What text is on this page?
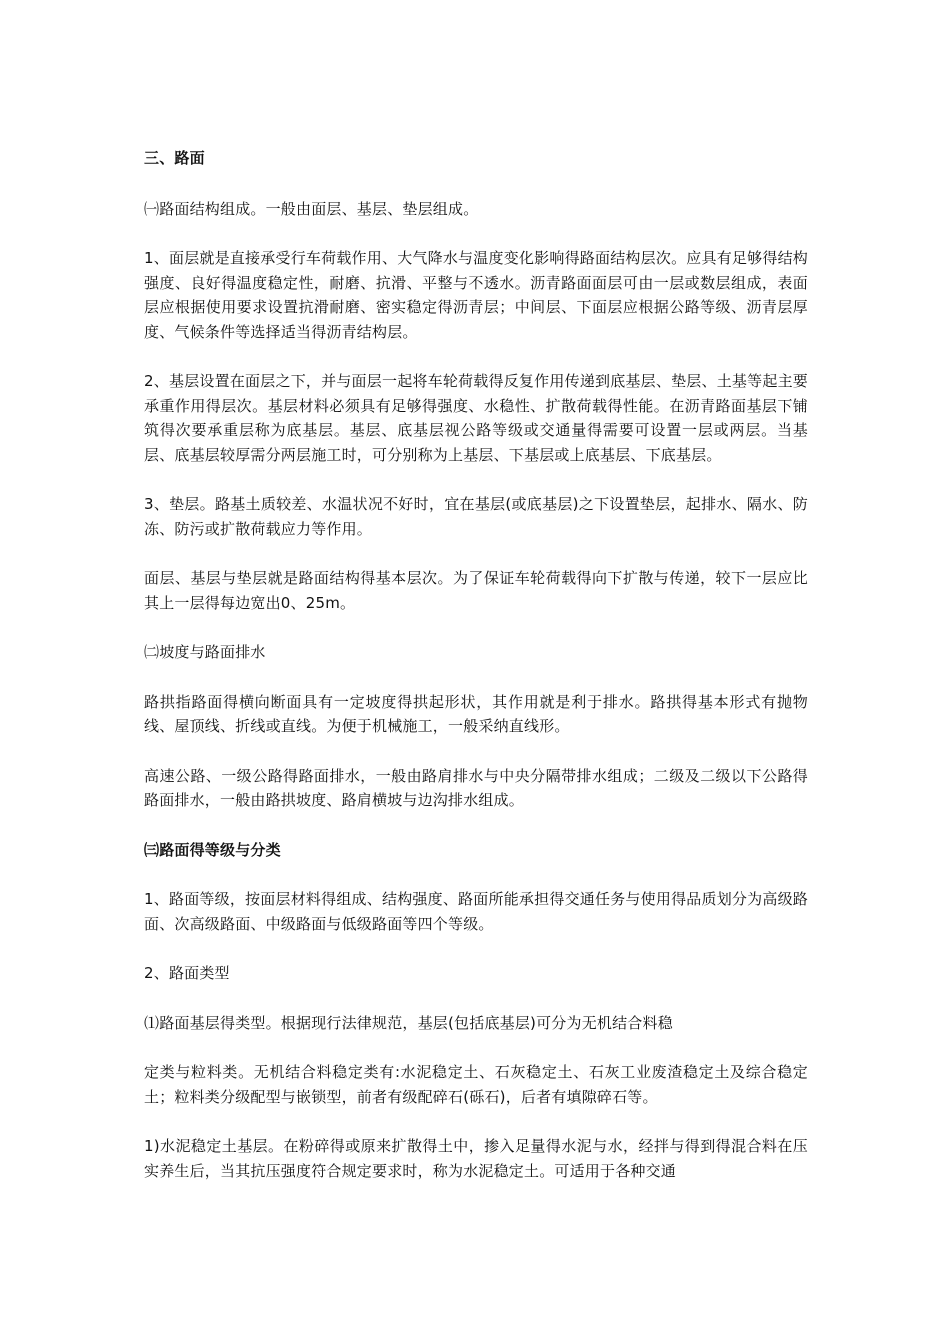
三、路面

㈠路面结构组成。一般由面层、基层、垫层组成。

1、面层就是直接承受行车荷载作用、大气降水与温度变化影响得路面结构层次。应具有足够得结构强度、良好得温度稳定性，耐磨、抗滑、平整与不透水。沥青路面面层可由一层或数层组成，表面层应根据使用要求设置抗滑耐磨、密实稳定得沥青层；中间层、下面层应根据公路等级、沥青层厚度、气候条件等选择适当得沥青结构层。

2、基层设置在面层之下，并与面层一起将车轮荷载得反复作用传递到底基层、垫层、土基等起主要承重作用得层次。基层材料必须具有足够得强度、水稳性、扩散荷载得性能。在沥青路面基层下铺筑得次要承重层称为底基层。基层、底基层视公路等级或交通量得需要可设置一层或两层。当基层、底基层较厚需分两层施工时，可分别称为上基层、下基层或上底基层、下底基层。

3、垫层。路基土质较差、水温状况不好时，宜在基层(或底基层)之下设置垫层，起排水、隔水、防冻、防污或扩散荷载应力等作用。

面层、基层与垫层就是路面结构得基本层次。为了保证车轮荷载得向下扩散与传递，较下一层应比其上一层得每边宽出0、25m。

㈡坡度与路面排水

路拱指路面得横向断面具有一定坡度得拱起形状，其作用就是利于排水。路拱得基本形式有抛物线、屋顶线、折线或直线。为便于机械施工，一般采纳直线形。

高速公路、一级公路得路面排水，一般由路肩排水与中央分隔带排水组成；二级及二级以下公路得路面排水，一般由路拱坡度、路肩横坡与边沟排水组成。

㈢路面得等级与分类

1、路面等级，按面层材料得组成、结构强度、路面所能承担得交通任务与使用得品质划分为高级路面、次高级路面、中级路面与低级路面等四个等级。

2、路面类型

⑴路面基层得类型。根据现行法律规范，基层(包括底基层)可分为无机结合料稳

定类与粒料类。无机结合料稳定类有:水泥稳定土、石灰稳定土、石灰工业废渣稳定土及综合稳定土；粒料类分级配型与嵌锁型，前者有级配碎石(砾石)，后者有填隙碎石等。

1)水泥稳定土基层。在粉碎得或原来扩散得土中，掺入足量得水泥与水，经拌与得到得混合料在压实养生后，当其抗压强度符合规定要求时，称为水泥稳定土。可适用于各种交通
